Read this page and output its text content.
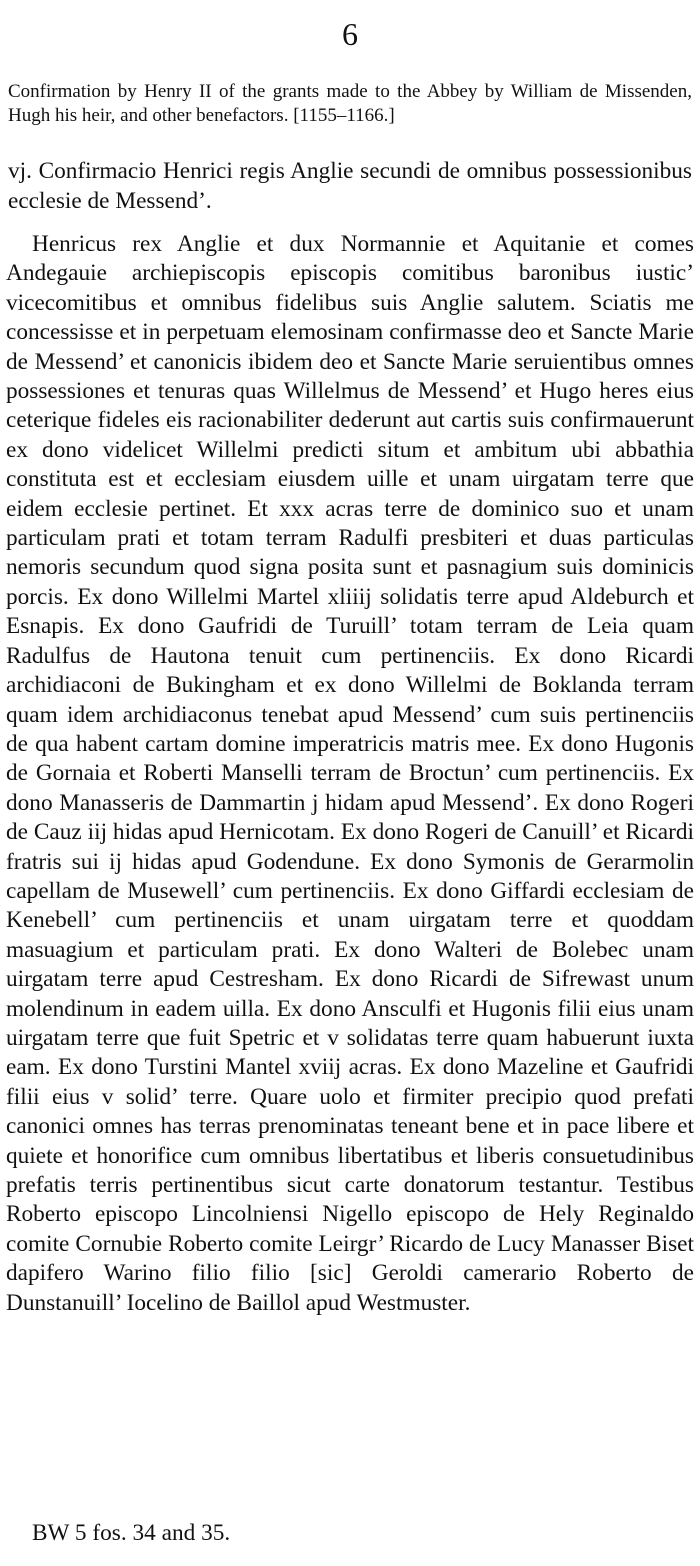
6
Confirmation by Henry II of the grants made to the Abbey by William de Missenden, Hugh his heir, and other benefactors. [1155–1166.]
vj. Confirmacio Henrici regis Anglie secundi de omnibus possessionibus ecclesie de Messend’.

Henricus rex Anglie et dux Normannie et Aquitanie et comes Andegauie archiepiscopis episcopis comitibus baronibus iustic’ vicecomitibus et omnibus fidelibus suis Anglie salutem. Sciatis me concessisse et in perpetuam elemosinam confirmasse deo et Sancte Marie de Messend’ et canonicis ibidem deo et Sancte Marie seruientibus omnes possessiones et tenuras quas Willelmus de Messend’ et Hugo heres eius ceterique fideles eis racionabiliter dederunt aut cartis suis confirmauerunt ex dono videlicet Willelmi predicti situm et ambitum ubi abbathia constituta est et ecclesiam eiusdem uille et unam uirgatam terre que eidem ecclesie pertinet. Et xxx acras terre de dominico suo et unam particulam prati et totam terram Radulfi presbiteri et duas particulas nemoris secundum quod signa posita sunt et pasnagium suis dominicis porcis. Ex dono Willelmi Martel xliiij solidatis terre apud Aldeburch et Esnapis. Ex dono Gaufridi de Turuill’ totam terram de Leia quam Radulfus de Hautona tenuit cum pertinenciis. Ex dono Ricardi archidiaconi de Bukingham et ex dono Willelmi de Boklanda terram quam idem archidiaconus tenebat apud Messend’ cum suis pertinenciis de qua habent cartam domine imperatricis matris mee. Ex dono Hugonis de Gornaia et Roberti Manselli terram de Broctun’ cum pertinenciis. Ex dono Manasseris de Dammartin j hidam apud Messend’. Ex dono Rogeri de Cauz iij hidas apud Hernicotam. Ex dono Rogeri de Canuill’ et Ricardi fratris sui ij hidas apud Godendune. Ex dono Symonis de Gerarmolin capellam de Musewell’ cum pertinenciis. Ex dono Giffardi ecclesiam de Kenebell’ cum pertinenciis et unam uirgatam terre et quoddam masuagium et particulam prati. Ex dono Walteri de Bolebec unam uirgatam terre apud Cestresham. Ex dono Ricardi de Sifrewast unum molendinum in eadem uilla. Ex dono Ansculfi et Hugonis filii eius unam uirgatam terre que fuit Spetric et v solidatas terre quam habuerunt iuxta eam. Ex dono Turstini Mantel xviij acras. Ex dono Mazeline et Gaufridi filii eius v solid’ terre. Quare uolo et firmiter precipio quod prefati canonici omnes has terras prenominatas teneant bene et in pace libere et quiete et honorifice cum omnibus libertatibus et liberis consuetudinibus prefatis terris pertinentibus sicut carte donatorum testantur. Testibus Roberto episcopo Lincolniensi Nigello episcopo de Hely Reginaldo comite Cornubie Roberto comite Leirgr’ Ricardo de Lucy Manasser Biset dapifero Warino filio filio [sic] Geroldi camerario Roberto de Dunstanuill’ Iocelino de Baillol apud Westmuster.

BW 5 fos. 34 and 35.
